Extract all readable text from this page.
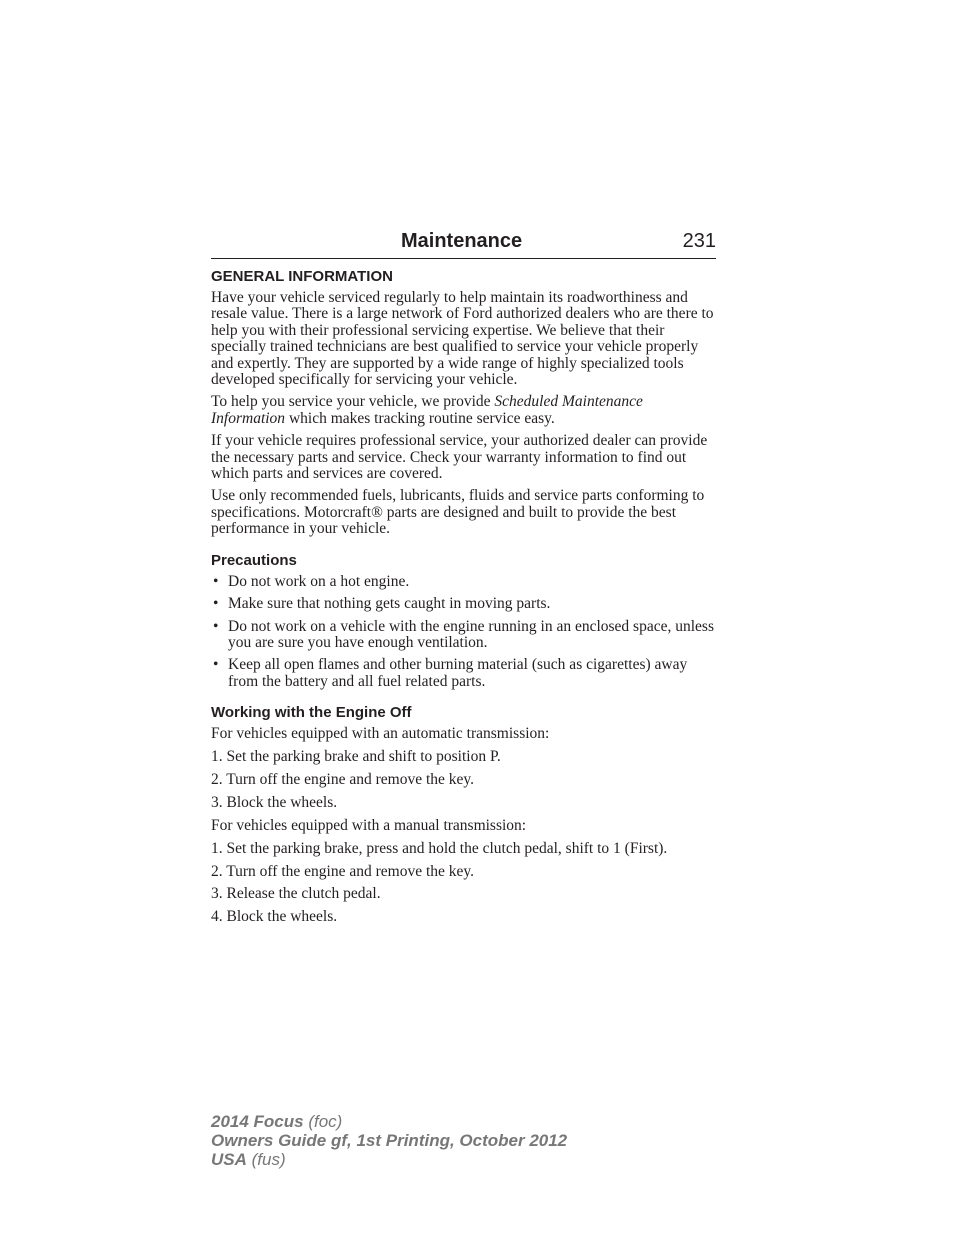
Maintenance	231
GENERAL INFORMATION

Have your vehicle serviced regularly to help maintain its roadworthiness and resale value. There is a large network of Ford authorized dealers who are there to help you with their professional servicing expertise. We believe that their specially trained technicians are best qualified to service your vehicle properly and expertly. They are supported by a wide range of highly specialized tools developed specifically for servicing your vehicle.

To help you service your vehicle, we provide Scheduled Maintenance Information which makes tracking routine service easy.

If your vehicle requires professional service, your authorized dealer can provide the necessary parts and service. Check your warranty information to find out which parts and services are covered.

Use only recommended fuels, lubricants, fluids and service parts conforming to specifications. Motorcraft® parts are designed and built to provide the best performance in your vehicle.

Precautions
• Do not work on a hot engine.
• Make sure that nothing gets caught in moving parts.
• Do not work on a vehicle with the engine running in an enclosed space, unless you are sure you have enough ventilation.
• Keep all open flames and other burning material (such as cigarettes) away from the battery and all fuel related parts.
Working with the Engine Off

For vehicles equipped with an automatic transmission:

1. Set the parking brake and shift to position P.

2. Turn off the engine and remove the key.

3. Block the wheels.

For vehicles equipped with a manual transmission:

1. Set the parking brake, press and hold the clutch pedal, shift to 1 (First).

2. Turn off the engine and remove the key.

3. Release the clutch pedal.

4. Block the wheels.

2014 Focus (foc)
Owners Guide gf, 1st Printing, October 2012
USA (fus)
